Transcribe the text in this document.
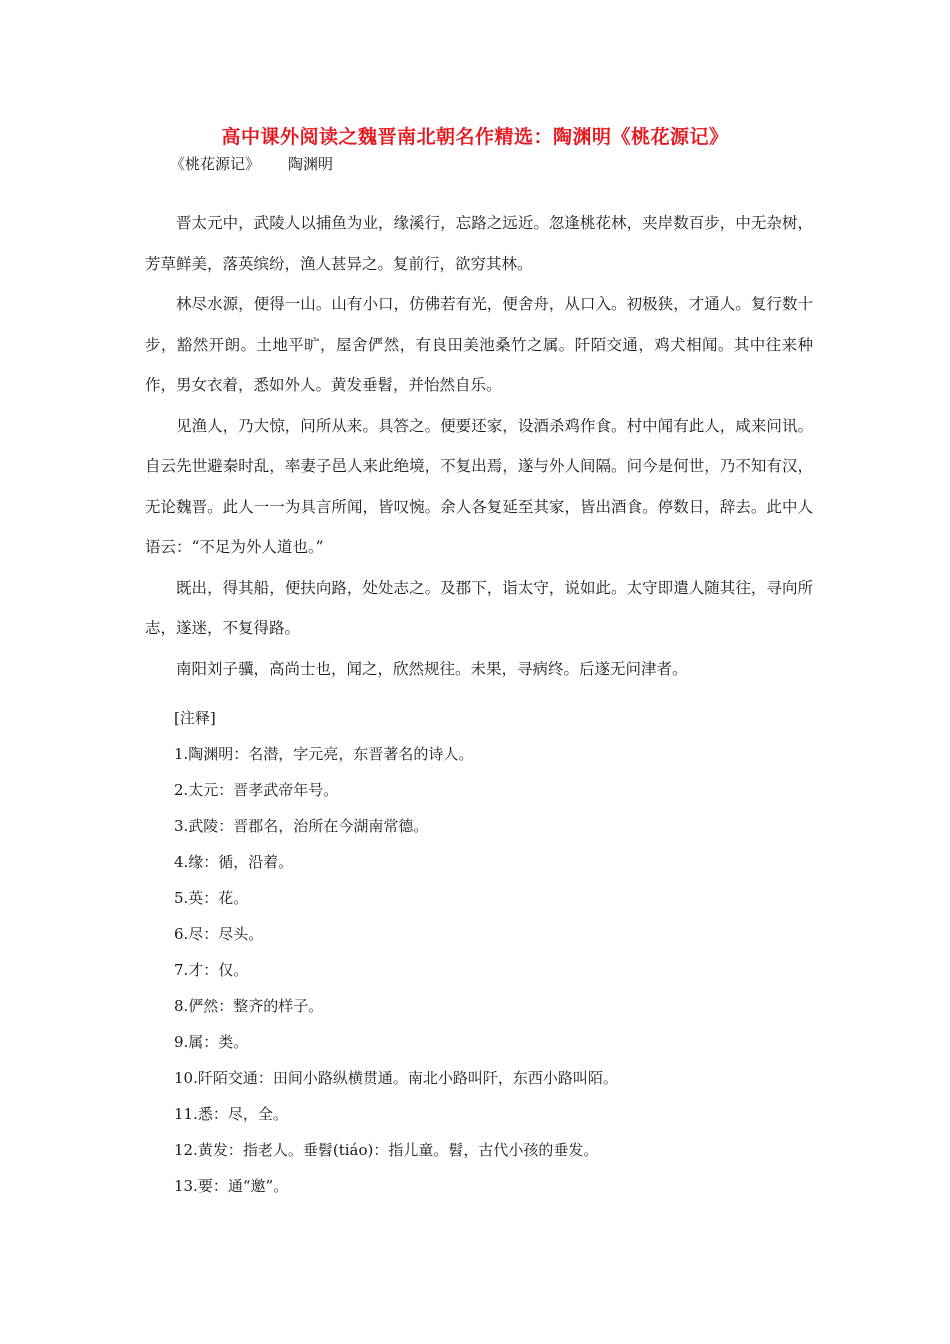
高中课外阅读之魏晋南北朝名作精选：陶渊明《桃花源记》
《桃花源记》 陶渊明

晋太元中，武陵人以捕鱼为业，缘溪行，忘路之远近。忽逢桃花林，夹岸数百步，中无杂树，芳草鲜美，落英缤纷，渔人甚异之。复前行，欲穷其林。

林尽水源，便得一山。山有小口，仿佛若有光，便舍舟，从口入。初极狭，才通人。复行数十步，豁然开朗。土地平旷，屋舍俨然，有良田美池桑竹之属。阡陌交通，鸡犬相闻。其中往来种作，男女衣着，悉如外人。黄发垂髫，并怡然自乐。

见渔人，乃大惊，问所从来。具答之。便要还家，设酒杀鸡作食。村中闻有此人，咸来问讯。自云先世避秦时乱，率妻子邑人来此绝境，不复出焉，遂与外人间隔。问今是何世，乃不知有汉，无论魏晋。此人一一为具言所闻，皆叹惋。余人各复延至其家，皆出酒食。停数日，辞去。此中人语云：“不足为外人道也。”

既出，得其船，便扶向路，处处志之。及郡下，诣太守，说如此。太守即遣人随其往，寻向所志，遂迷，不复得路。

南阳刘子骥，高尚士也，闻之，欣然规往。未果，寻病终。后遂无问津者。

[注释]
1.陶渊明：名潜，字元亮，东晋著名的诗人。
2.太元：晋孝武帝年号。
3.武陵：晋郡名，治所在今湖南常德。
4.缘：循，沿着。
5.英：花。
6.尽：尽头。
7.才：仅。
8.俨然：整齐的样子。
9.属：类。
10.阡陌交通：田间小路纵横贯通。南北小路叫阡，东西小路叫陌。
11.悉：尽，全。
12.黄发：指老人。垂髫(tiáo)：指儿童。髫，古代小孩的垂发。
13.要：通“邀”。
